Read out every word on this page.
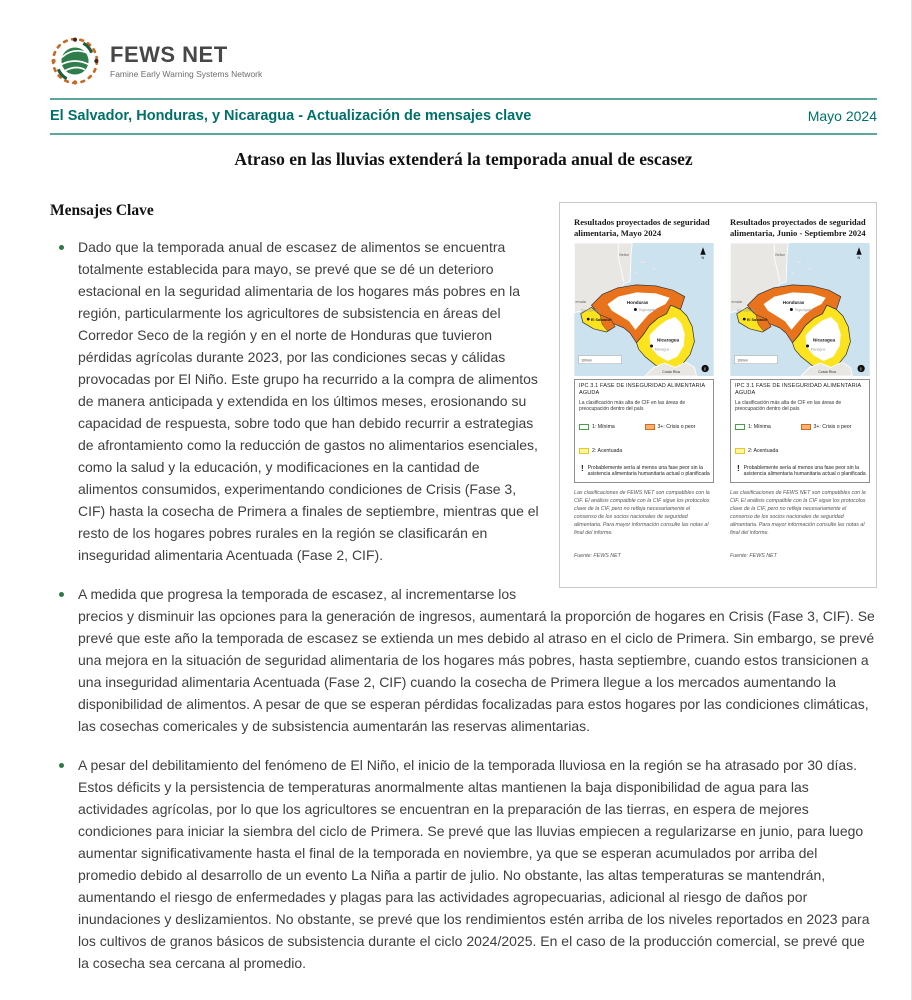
FEWS NET
Famine Early Warning Systems Network
El Salvador, Honduras, y Nicaragua - Actualización de mensajes clave	Mayo 2024
Atraso en las lluvias extenderá la temporada anual de escasez
Resultados proyectados de seguridad alimentaria, Mayo 2024
Belice
emala	Honduras
Tegucigalpa
San Salvador
El Salvador
Nicaragua
Managua
Costa Rica
N
100 km
!
IPC 3.1 FASE DE INSEGURIDAD ALIMENTARIA AGUDA
La clasificación más alta de CIF en las áreas de preocupación dentro del país
1: Mínima	3+: Crisis o peor
2: Acentuada
! Probablemente sería al menos una fase peor sin la asistencia alimentaria humanitaria actual o planificada
Las clasificaciones de FEWS NET son compatibles con la CIF. El análisis compatible con la CIF sigue los protocolos clave de la CIF, pero no refleja necesariamente el consenso de los socios nacionales de seguridad alimentaria. Para mayor información consulte las notas al final del informe.
Fuente: FEWS NET
Resultados proyectados de seguridad alimentaria, Junio - Septiembre 2024
Belice
emala	Honduras
Tegucigalpa
San Salvador
El Salvador
Nicaragua
Managua
Costa Rica
N
100 km
!
IPC 3.1 FASE DE INSEGURIDAD ALIMENTARIA AGUDA
La clasificación más alta de CIF en las áreas de preocupación dentro del país
1: Mínima	3+: Crisis o peor
2: Acentuada
! Probablemente sería al menos una fase peor sin la asistencia alimentaria humanitaria actual o planificada
Las clasificaciones de FEWS NET son compatibles con la CIF. El análisis compatible con la CIF sigue los protocolos clave de la CIF, pero no refleja necesariamente el consenso de los socios nacionales de seguridad alimentaria. Para mayor información consulte las notas al final del informe.
Fuente: FEWS NET
Mensajes Clave
Dado que la temporada anual de escasez de alimentos se encuentra totalmente establecida para mayo, se prevé que se dé un deterioro estacional en la seguridad alimentaria de los hogares más pobres en la región, particularmente los agricultores de subsistencia en áreas del Corredor Seco de la región y en el norte de Honduras que tuvieron pérdidas agrícolas durante 2023, por las condiciones secas y cálidas provocadas por El Niño. Este grupo ha recurrido a la compra de alimentos de manera anticipada y extendida en los últimos meses, erosionando su capacidad de respuesta, sobre todo que han debido recurrir a estrategias de afrontamiento como la reducción de gastos no alimentarios esenciales, como la salud y la educación, y modificaciones en la cantidad de alimentos consumidos, experimentando condiciones de Crisis (Fase 3, CIF) hasta la cosecha de Primera a finales de septiembre, mientras que el resto de los hogares pobres rurales en la región se clasificarán en inseguridad alimentaria Acentuada (Fase 2, CIF).
A medida que progresa la temporada de escasez, al incrementarse los precios y disminuir las opciones para la generación de ingresos, aumentará la proporción de hogares en Crisis (Fase 3, CIF). Se prevé que este año la temporada de escasez se extienda un mes debido al atraso en el ciclo de Primera. Sin embargo, se prevé una mejora en la situación de seguridad alimentaria de los hogares más pobres, hasta septiembre, cuando estos transicionen a una inseguridad alimentaria Acentuada (Fase 2, CIF) cuando la cosecha de Primera llegue a los mercados aumentando la disponibilidad de alimentos. A pesar de que se esperan pérdidas focalizadas para estos hogares por las condiciones climáticas, las cosechas comericales y de subsistencia aumentarán las reservas alimentarias.
A pesar del debilitamiento del fenómeno de El Niño, el inicio de la temporada lluviosa en la región se ha atrasado por 30 días. Estos déficits y la persistencia de temperaturas anormalmente altas mantienen la baja disponibilidad de agua para las actividades agrícolas, por lo que los agricultores se encuentran en la preparación de las tierras, en espera de mejores condiciones para iniciar la siembra del ciclo de Primera. Se prevé que las lluvias empiecen a regularizarse en junio, para luego aumentar significativamente hasta el final de la temporada en noviembre, ya que se esperan acumulados por arriba del promedio debido al desarrollo de un evento La Niña a partir de julio. No obstante, las altas temperaturas se mantendrán, aumentando el riesgo de enfermedades y plagas para las actividades agropecuarias, adicional al riesgo de daños por inundaciones y deslizamientos. No obstante, se prevé que los rendimientos estén arriba de los niveles reportados en 2023 para los cultivos de granos básicos de subsistencia durante el ciclo 2024/2025. En el caso de la producción comercial, se prevé que la cosecha sea cercana al promedio.
